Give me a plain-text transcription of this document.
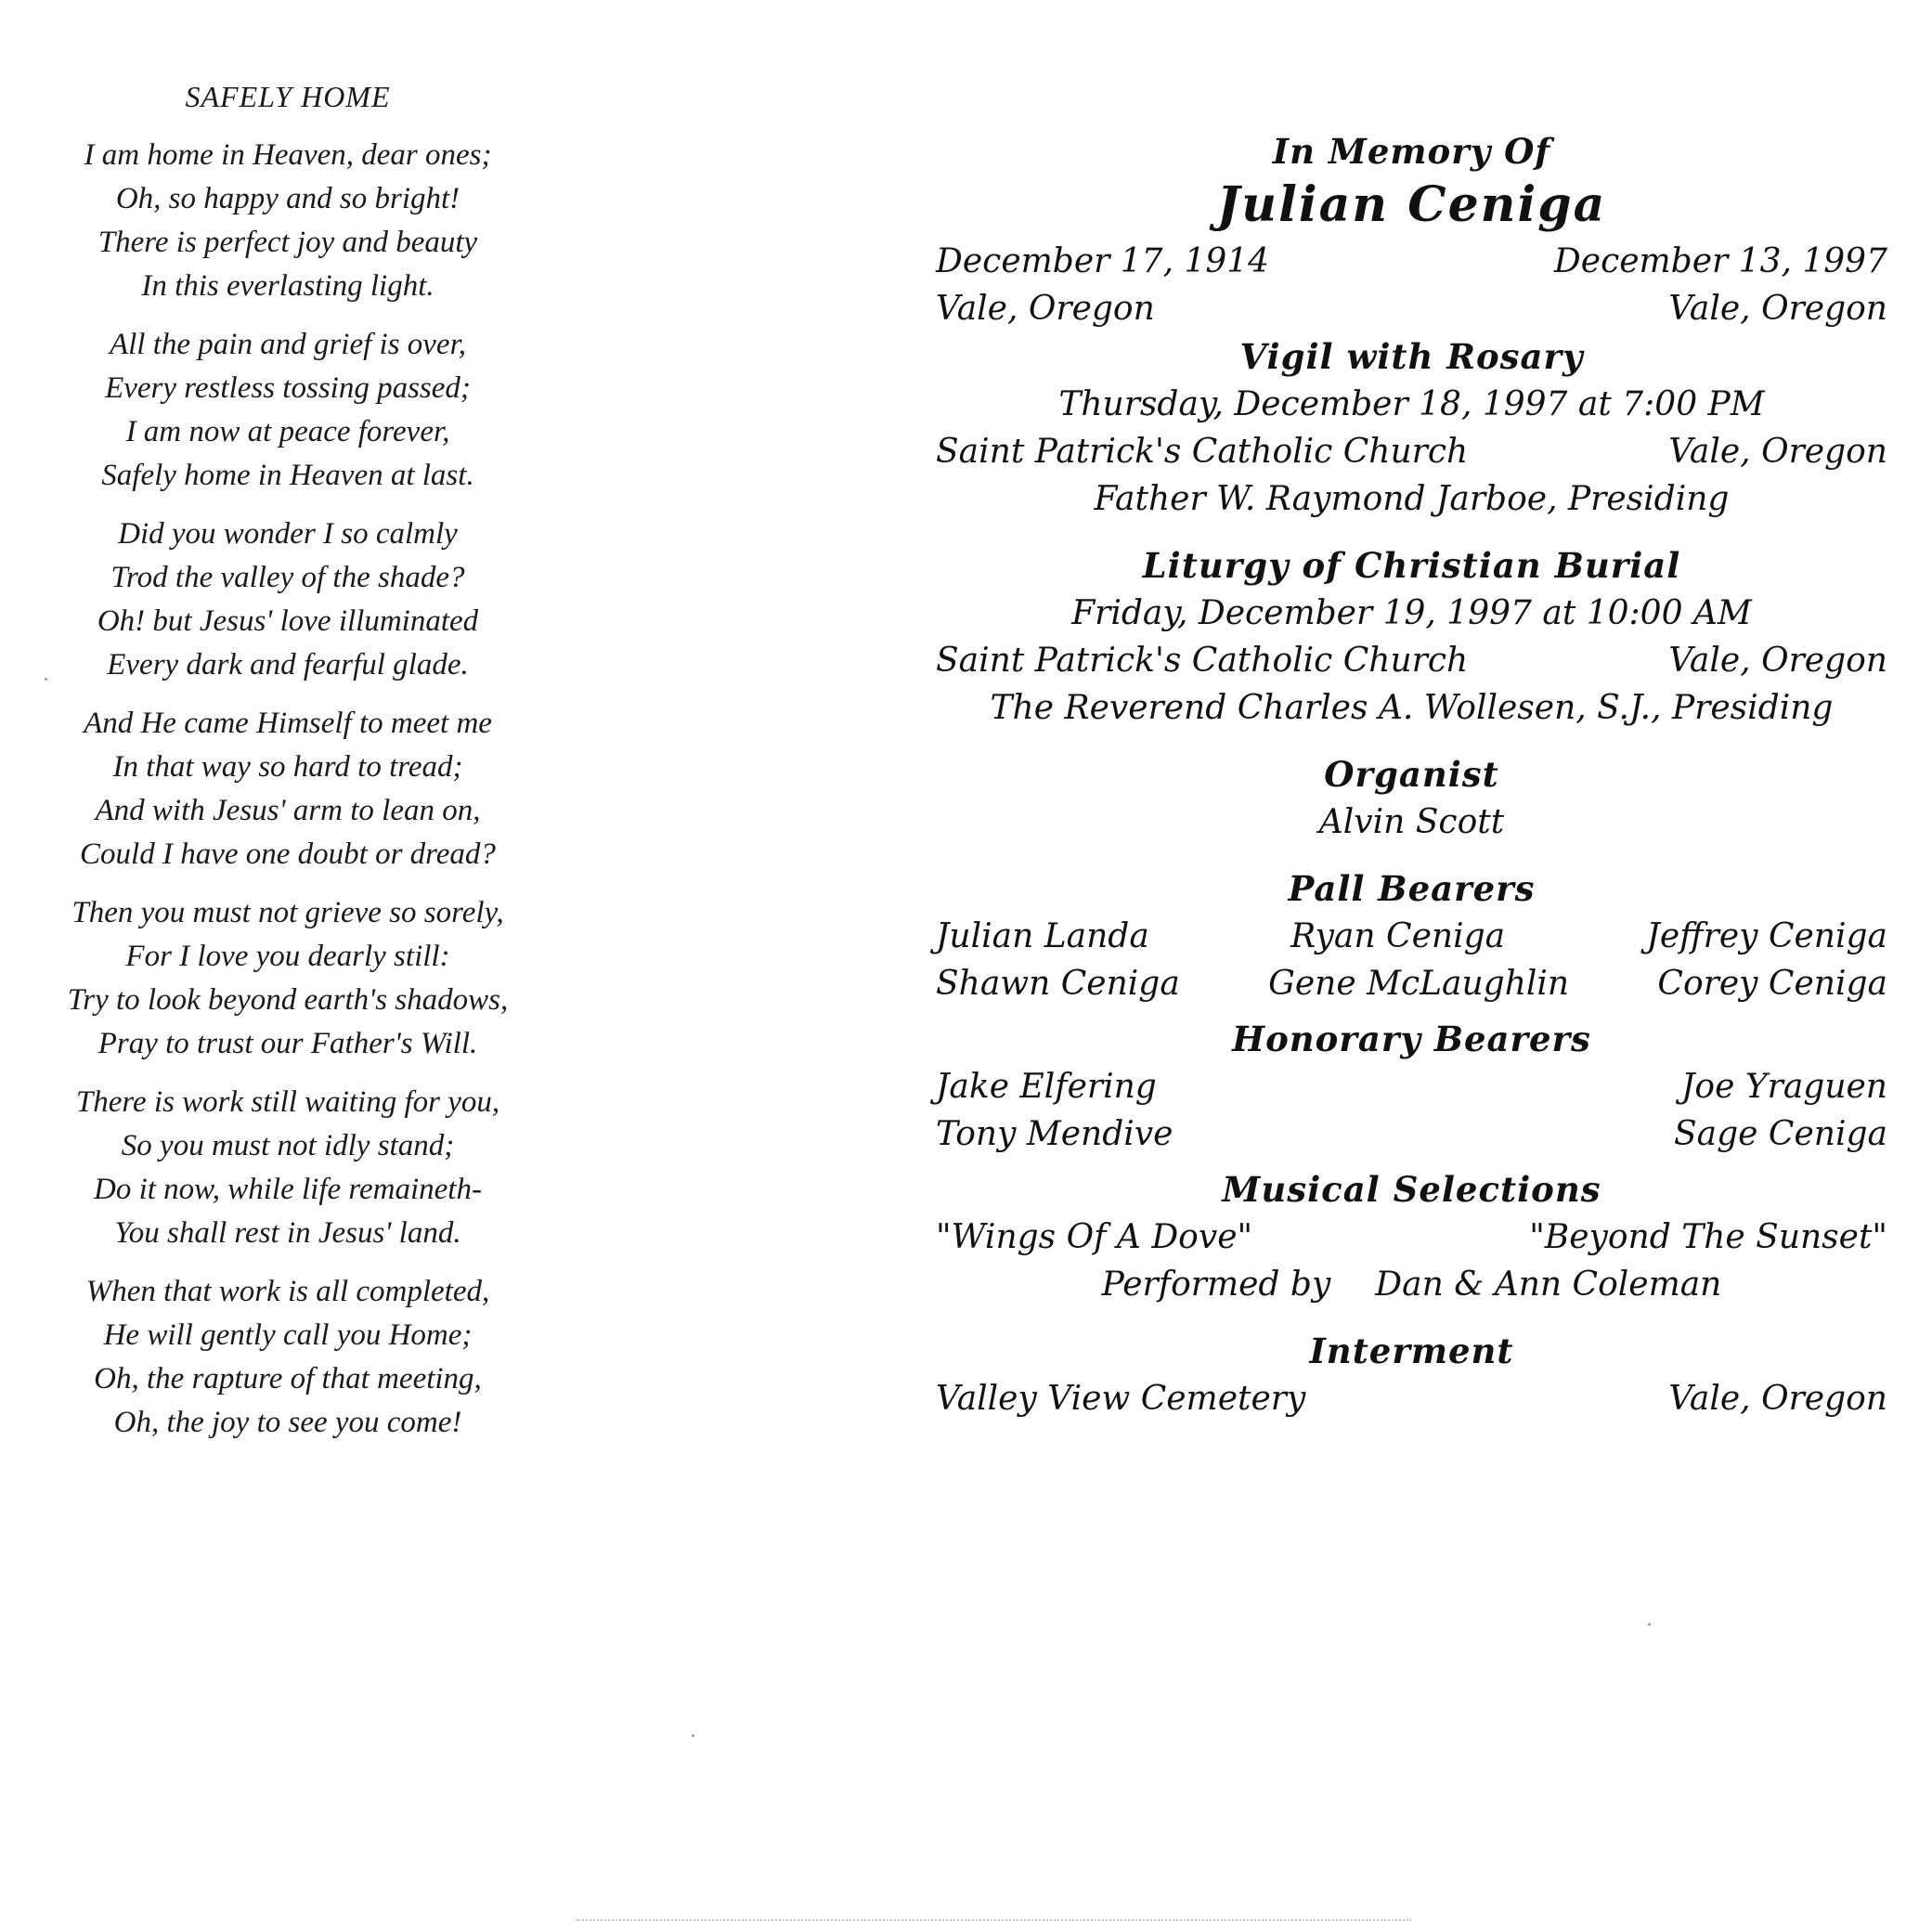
SAFELY HOME
I am home in Heaven, dear ones;
Oh, so happy and so bright!
There is perfect joy and beauty
In this everlasting light.
All the pain and grief is over,
Every restless tossing passed;
I am now at peace forever,
Safely home in Heaven at last.
Did you wonder I so calmly
Trod the valley of the shade?
Oh! but Jesus' love illuminated
Every dark and fearful glade.
And He came Himself to meet me
In that way so hard to tread;
And with Jesus' arm to lean on,
Could I have one doubt or dread?
Then you must not grieve so sorely,
For I love you dearly still:
Try to look beyond earth's shadows,
Pray to trust our Father's Will.
There is work still waiting for you,
So you must not idly stand;
Do it now, while life remaineth-
You shall rest in Jesus' land.
When that work is all completed,
He will gently call you Home;
Oh, the rapture of that meeting,
Oh, the joy to see you come!
In Memory Of
Julian Ceniga
December 17, 1914	December 13, 1997
Vale, Oregon	Vale, Oregon
Vigil with Rosary
Thursday, December 18, 1997 at 7:00 PM
Saint Patrick's Catholic Church	Vale, Oregon
Father W. Raymond Jarboe, Presiding
Liturgy of Christian Burial
Friday, December 19, 1997 at 10:00 AM
Saint Patrick's Catholic Church	Vale, Oregon
The Reverend Charles A. Wollesen, S.J., Presiding
Organist
Alvin Scott
Pall Bearers
Julian Landa	Ryan Ceniga	Jeffrey Ceniga
Shawn Ceniga	Gene McLaughlin	Corey Ceniga
Honorary Bearers
Jake Elfering	Joe Yraguen
Tony Mendive	Sage Ceniga
Musical Selections
"Wings Of A Dove"	"Beyond The Sunset"
Performed by Dan & Ann Coleman
Interment
Valley View Cemetery	Vale, Oregon
